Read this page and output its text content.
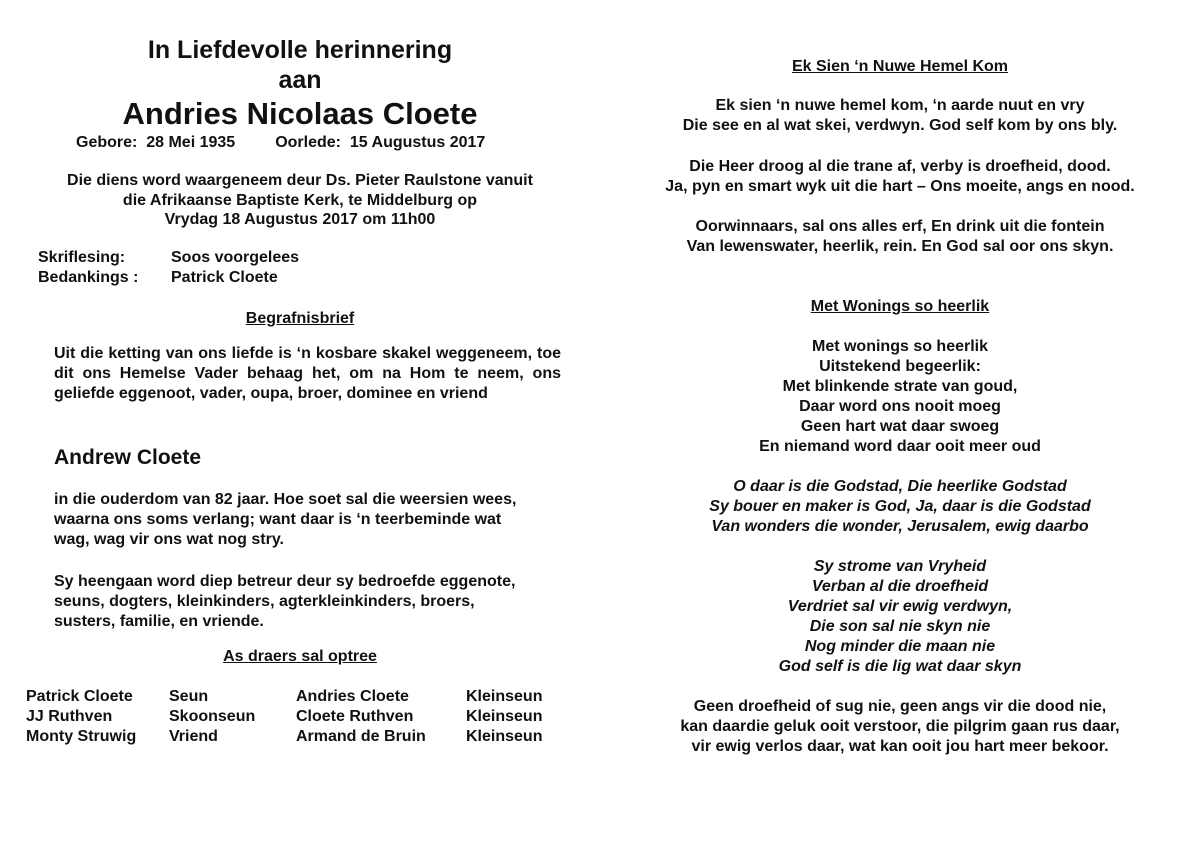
In Liefdevolle herinnering
aan
Andries Nicolaas Cloete
Gebore:  28 Mei 1935	Oorlede:  15 Augustus 2017
Die diens word waargeneem deur Ds. Pieter Raulstone vanuit
die Afrikaanse Baptiste Kerk, te Middelburg op
Vrydag 18 Augustus 2017 om 11h00
Skriflesing:	Soos voorgelees
Bedankings :	Patrick Cloete
Begrafnisbrief
Uit die ketting van ons liefde is ‘n kosbare skakel weggeneem, toe dit ons Hemelse Vader behaag het, om na Hom te neem, ons geliefde eggenoot, vader, oupa, broer, dominee en vriend
Andrew Cloete
in die ouderdom van 82 jaar. Hoe soet sal die weersien wees,
waarna ons soms verlang; want daar is ‘n teerbeminde wat
wag, wag vir ons wat nog stry.
Sy heengaan word diep betreur deur sy bedroefde eggenote,
seuns, dogters, kleinkinders, agterkleinkinders, broers,
susters, familie, en vriende.
As draers sal optree
Patrick Cloete	Seun	Andries Cloete	Kleinseun
JJ Ruthven	Skoonseun	Cloete Ruthven	Kleinseun
Monty Struwig	Vriend	Armand de Bruin	Kleinseun
Ek Sien ‘n Nuwe Hemel Kom
Ek sien ‘n nuwe hemel kom, ‘n aarde nuut en vry
Die see en al wat skei, verdwyn. God self kom by ons bly.
Die Heer droog al die trane af, verby is droefheid, dood.
Ja, pyn en smart wyk uit die hart – Ons moeite, angs en nood.
Oorwinnaars, sal ons alles erf, En drink uit die fontein
Van lewenswater, heerlik, rein. En God sal oor ons skyn.
Met Wonings so heerlik
Met wonings so heerlik
Uitstekend begeerlik:
Met blinkende strate van goud,
Daar word ons nooit moeg
Geen hart wat daar swoeg
En niemand word daar ooit meer oud
O daar is die Godstad, Die heerlike Godstad
Sy bouer en maker is God, Ja, daar is die Godstad
Van wonders die wonder, Jerusalem, ewig daarbo
Sy strome van Vryheid
Verban al die droefheid
Verdriet sal vir ewig verdwyn,
Die son sal nie skyn nie
Nog minder die maan nie
God self is die lig wat daar skyn
Geen droefheid of sug nie, geen angs vir die dood nie,
kan daardie geluk ooit verstoor, die pilgrim gaan rus daar,
vir ewig verlos daar, wat kan ooit jou hart meer bekoor.
